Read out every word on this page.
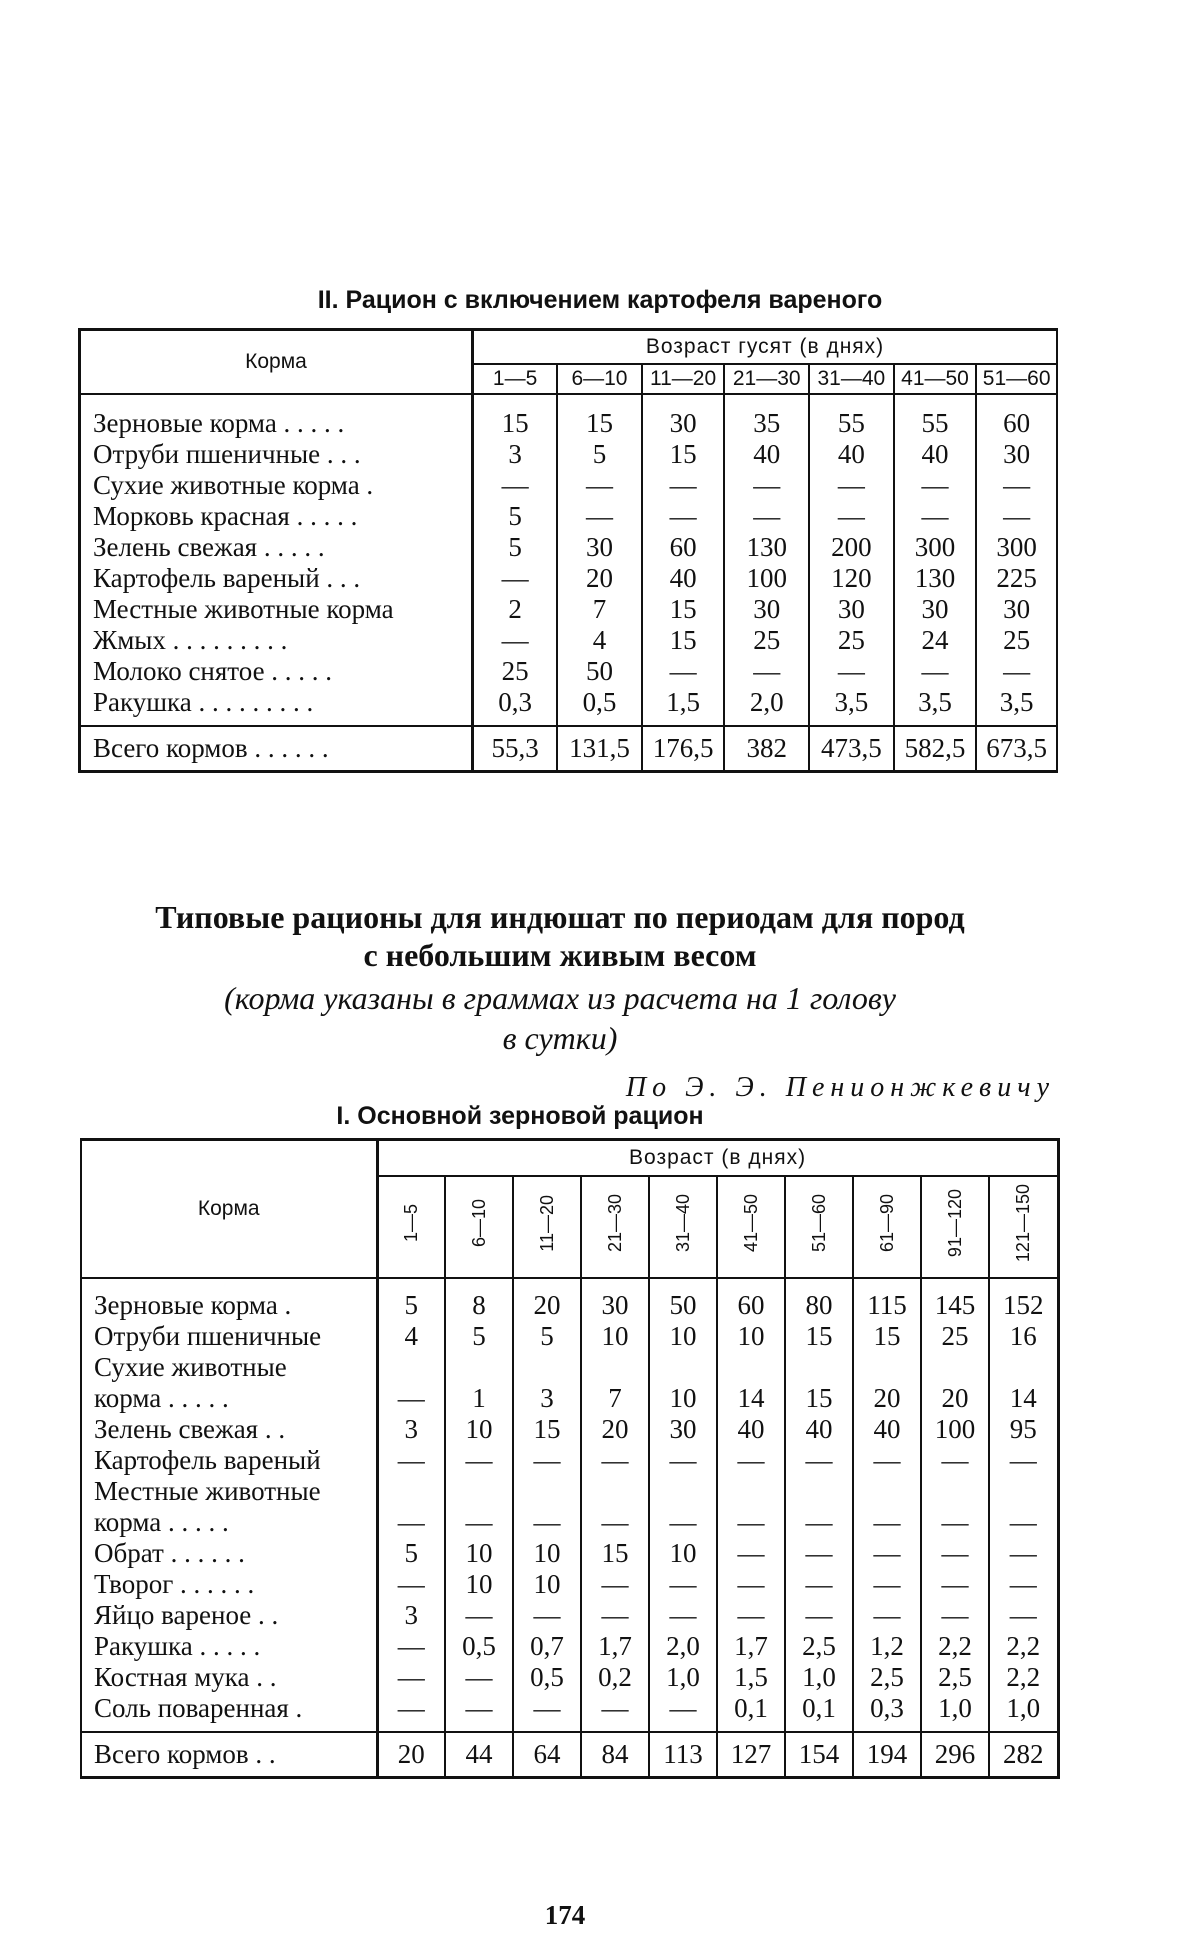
II. Рацион с включением картофеля вареного
Корма	Возраст гусят (в днях)						
	1—5	6—10	11—20	21—30	31—40	41—50	51—60

Зерновые корма . . . . .	15	15	30	35	55	55	60
Отруби пшеничные . . .	3	5	15	40	40	40	30
Сухие животные корма .	—	—	—	—	—	—	—
Морковь красная . . . . .	5	—	—	—	—	—	—
Зелень свежая . . . . .	5	30	60	130	200	300	300
Картофель вареный . . .	—	20	40	100	120	130	225
Местные животные корма	2	7	15	30	30	30	30
Жмых . . . . . . . . .	—	4	15	25	25	24	25
Молоко снятое . . . . .	25	50	—	—	—	—	—
Ракушка . . . . . . . . .	0,3	0,5	1,5	2,0	3,5	3,5	3,5

Всего кормов . . . . . .	55,3	131,5	176,5	382	473,5	582,5	673,5
Типовые рационы для индюшат по периодам для пород
с небольшим живым весом
(корма указаны в граммах из расчета на 1 голову
в сутки)
По Э. Э. Пенионжкевичу
I. Основной зерновой рацион
Корма	Возраст (в днях)									
	1—5	6—10	11—20	21—30	31—40	41—50	51—60	61—90	91—120	121—150

Зерновые корма .	5	8	20	30	50	60	80	115	145	152
Отруби пшеничные	4	5	5	10	10	10	15	15	25	16
Сухие животные										
корма . . . . .	—	1	3	7	10	14	15	20	20	14
Зелень свежая . .	3	10	15	20	30	40	40	40	100	95
Картофель вареный	—	—	—	—	—	—	—	—	—	—
Местные животные										
корма . . . . .	—	—	—	—	—	—	—	—	—	—
Обрат . . . . . .	5	10	10	15	10	—	—	—	—	—
Творог . . . . . .	—	10	10	—	—	—	—	—	—	—
Яйцо вареное . .	3	—	—	—	—	—	—	—	—	—
Ракушка . . . . .	—	0,5	0,7	1,7	2,0	1,7	2,5	1,2	2,2	2,2
Костная мука . .	—	—	0,5	0,2	1,0	1,5	1,0	2,5	2,5	2,2
Соль поваренная .	—	—	—	—	—	0,1	0,1	0,3	1,0	1,0

Всего кормов . .	20	44	64	84	113	127	154	194	296	282
174
